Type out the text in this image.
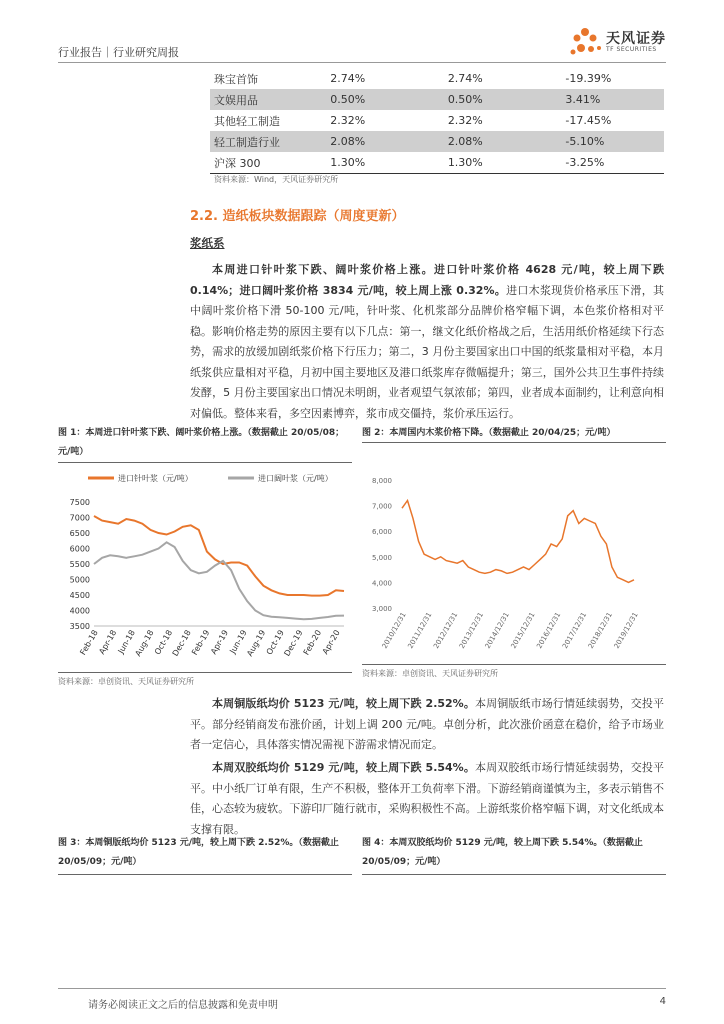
行业报告｜行业研究周报
天风证券
TF SECURITIES
珠宝首饰	2.74%	2.74%	-19.39%
文娱用品	0.50%	0.50%	3.41%
其他轻工制造	2.32%	2.32%	-17.45%
轻工制造行业	2.08%	2.08%	-5.10%
沪深 300	1.30%	1.30%	-3.25%
资料来源：Wind，天风证券研究所
2.2. 造纸板块数据跟踪（周度更新）
浆纸系
本周进口针叶浆下跌、阔叶浆价格上涨。进口针叶浆价格 4628 元/吨，较上周下跌 0.14%；进口阔叶浆价格 3834 元/吨，较上周上涨 0.32%。进口木浆现货价格承压下滑，其中阔叶浆价格下滑 50-100 元/吨，针叶浆、化机浆部分品牌价格窄幅下调，本色浆价格相对平稳。影响价格走势的原因主要有以下几点：第一，继文化纸价格战之后，生活用纸价格延续下行态势，需求的放缓加剧纸浆价格下行压力；第二，3 月份主要国家出口中国的纸浆量相对平稳，本月纸浆供应量相对平稳，月初中国主要地区及港口纸浆库存微幅提升；第三，国外公共卫生事件持续发酵，5 月份主要国家出口情况未明朗，业者观望气氛浓郁；第四，业者成本面制约，让利意向相对偏低。整体来看，多空因素博弈，浆市成交僵持，浆价承压运行。
图 1：本周进口针叶浆下跌、阔叶浆价格上涨。（数据截止 20/05/08；元/吨）
图 2：本周国内木浆价格下降。（数据截止 20/04/25；元/吨）
进口针叶浆（元/吨）	进口阔叶浆（元/吨）
7500
7000
6500
6000
5500
5000
4500
4000
3500
Feb-18
Apr-18
Jun-18
Aug-18
Oct-18
Dec-18
Feb-19
Apr-19
Jun-19
Aug-19
Oct-19
Dec-19
Feb-20
Apr-20
资料来源：卓创资讯、天风证券研究所
8,000
7,000
6,000
5,000
4,000
3,000
2010/12/31
2011/12/31
2012/12/31
2013/12/31
2014/12/31
2015/12/31
2016/12/31
2017/12/31
2018/12/31
2019/12/31
资料来源：卓创资讯、天风证券研究所
本周铜版纸均价 5123 元/吨，较上周下跌 2.52%。本周铜版纸市场行情延续弱势，交投平平。部分经销商发布涨价函，计划上调 200 元/吨。卓创分析，此次涨价函意在稳价，给予市场业者一定信心，具体落实情况需视下游需求情况而定。
本周双胶纸均价 5129 元/吨，较上周下跌 5.54%。本周双胶纸市场行情延续弱势，交投平平。中小纸厂订单有限，生产不积极，整体开工负荷率下滑。下游经销商谨慎为主，多表示销售不佳，心态较为疲软。下游印厂随行就市，采购积极性不高。上游纸浆价格窄幅下调，对文化纸成本支撑有限。
图 3：本周铜版纸均价 5123 元/吨，较上周下跌 2.52%。（数据截止 20/05/09；元/吨）
图 4：本周双胶纸均价 5129 元/吨，较上周下跌 5.54%。（数据截止 20/05/09；元/吨）
请务必阅读正文之后的信息披露和免责申明	4
